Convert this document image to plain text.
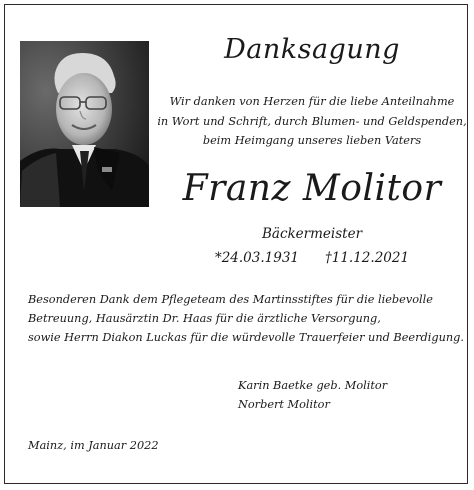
Danksagung
Wir danken von Herzen für die liebe Anteilnahme
in Wort und Schrift, durch Blumen- und Geldspenden,
beim Heimgang unseres lieben Vaters
Franz Molitor
Bäckermeister
*24.03.1931 †11.12.2021
Besonderen Dank dem Pflegeteam des Martinsstiftes für die liebevolle
Betreuung, Hausärztin Dr. Haas für die ärztliche Versorgung,
sowie Herrn Diakon Luckas für die würdevolle Trauerfeier und Beerdigung.
Karin Baetke geb. Molitor
Norbert Molitor
Mainz, im Januar 2022
